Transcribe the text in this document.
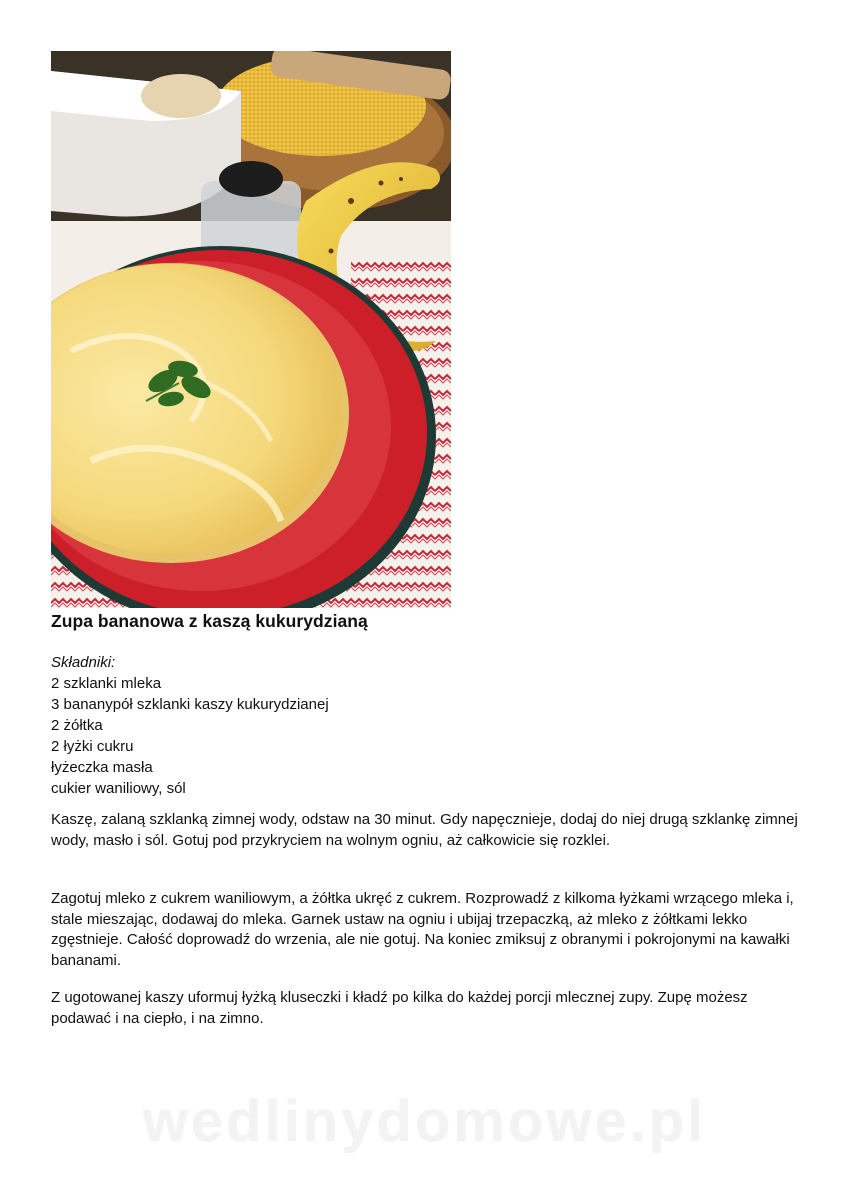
Zupa bananowa z kaszą kukurydzianą
Składniki:
2 szklanki mleka
3 bananypół szklanki kaszy kukurydzianej
2 żółtka
2 łyżki cukru
łyżeczka masła
cukier waniliowy, sól

Kaszę, zalaną szklanką zimnej wody, odstaw na 30 minut. Gdy napęcznieje, dodaj do niej drugą szklankę zimnej wody, masło i sól. Gotuj pod przykryciem na wolnym ogniu, aż całkowicie się rozklei.

Zagotuj mleko z cukrem waniliowym, a żółtka ukręć z cukrem. Rozprowadź z kilkoma łyżkami wrzącego mleka i, stale mieszając, dodawaj do mleka. Garnek ustaw na ogniu i ubijaj trzepaczką, aż mleko z żółtkami lekko zgęstnieje. Całość doprowadź do wrzenia, ale nie gotuj. Na koniec zmiksuj z obranymi i pokrojonymi na kawałki bananami.

Z ugotowanej kaszy uformuj łyżką kluseczki i kładź po kilka do każdej porcji mlecznej zupy. Zupę możesz podawać i na ciepło, i na zimno.

wedlinydomowe.pl
